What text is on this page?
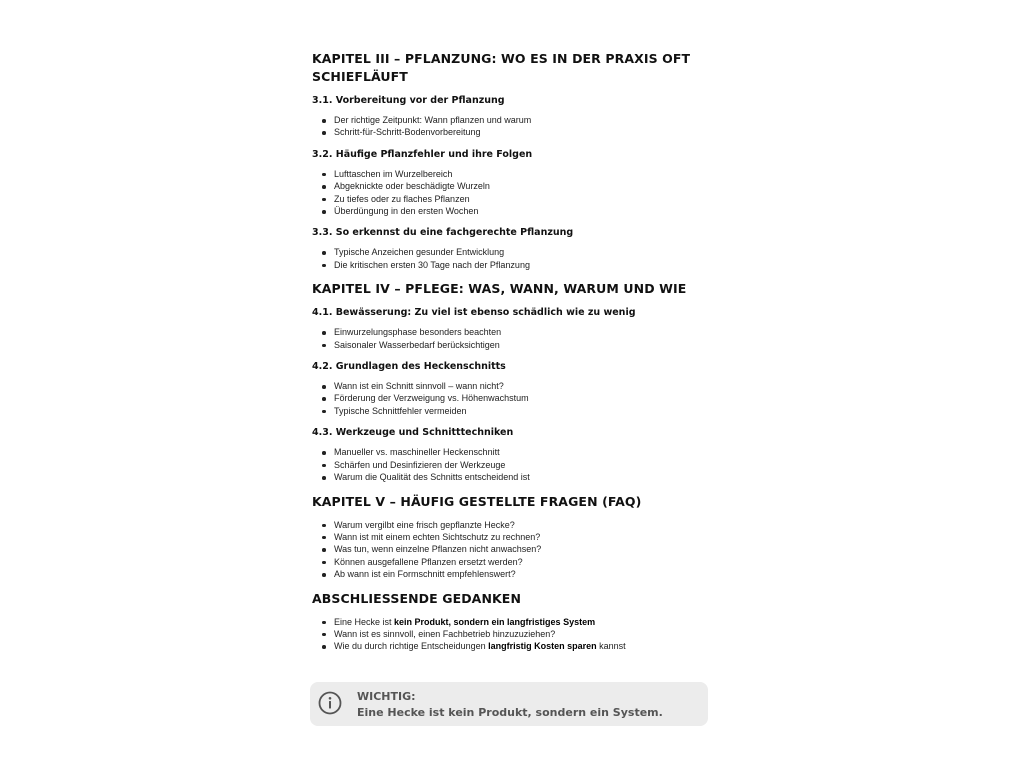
KAPITEL III – PFLANZUNG: WO ES IN DER PRAXIS OFT
SCHIEFLÄUFT
3.1. Vorbereitung vor der Pflanzung
Der richtige Zeitpunkt: Wann pflanzen und warum
Schritt-für-Schritt-Bodenvorbereitung
3.2. Häufige Pflanzfehler und ihre Folgen
Lufttaschen im Wurzelbereich
Abgeknickte oder beschädigte Wurzeln
Zu tiefes oder zu flaches Pflanzen
Überdüngung in den ersten Wochen
3.3. So erkennst du eine fachgerechte Pflanzung
Typische Anzeichen gesunder Entwicklung
Die kritischen ersten 30 Tage nach der Pflanzung
KAPITEL IV – PFLEGE: WAS, WANN, WARUM UND WIE
4.1. Bewässerung: Zu viel ist ebenso schädlich wie zu wenig
Einwurzelungsphase besonders beachten
Saisonaler Wasserbedarf berücksichtigen
4.2. Grundlagen des Heckenschnitts
Wann ist ein Schnitt sinnvoll – wann nicht?
Förderung der Verzweigung vs. Höhenwachstum
Typische Schnittfehler vermeiden
4.3. Werkzeuge und Schnitttechniken
Manueller vs. maschineller Heckenschnitt
Schärfen und Desinfizieren der Werkzeuge
Warum die Qualität des Schnitts entscheidend ist
KAPITEL V – HÄUFIG GESTELLTE FRAGEN (FAQ)
Warum vergilbt eine frisch gepflanzte Hecke?
Wann ist mit einem echten Sichtschutz zu rechnen?
Was tun, wenn einzelne Pflanzen nicht anwachsen?
Können ausgefallene Pflanzen ersetzt werden?
Ab wann ist ein Formschnitt empfehlenswert?
ABSCHLIESSENDE GEDANKEN
Eine Hecke ist kein Produkt, sondern ein langfristiges System
Wann ist es sinnvoll, einen Fachbetrieb hinzuzuziehen?
Wie du durch richtige Entscheidungen langfristig Kosten sparen kannst
WICHTIG:
Eine Hecke ist kein Produkt, sondern ein System.
